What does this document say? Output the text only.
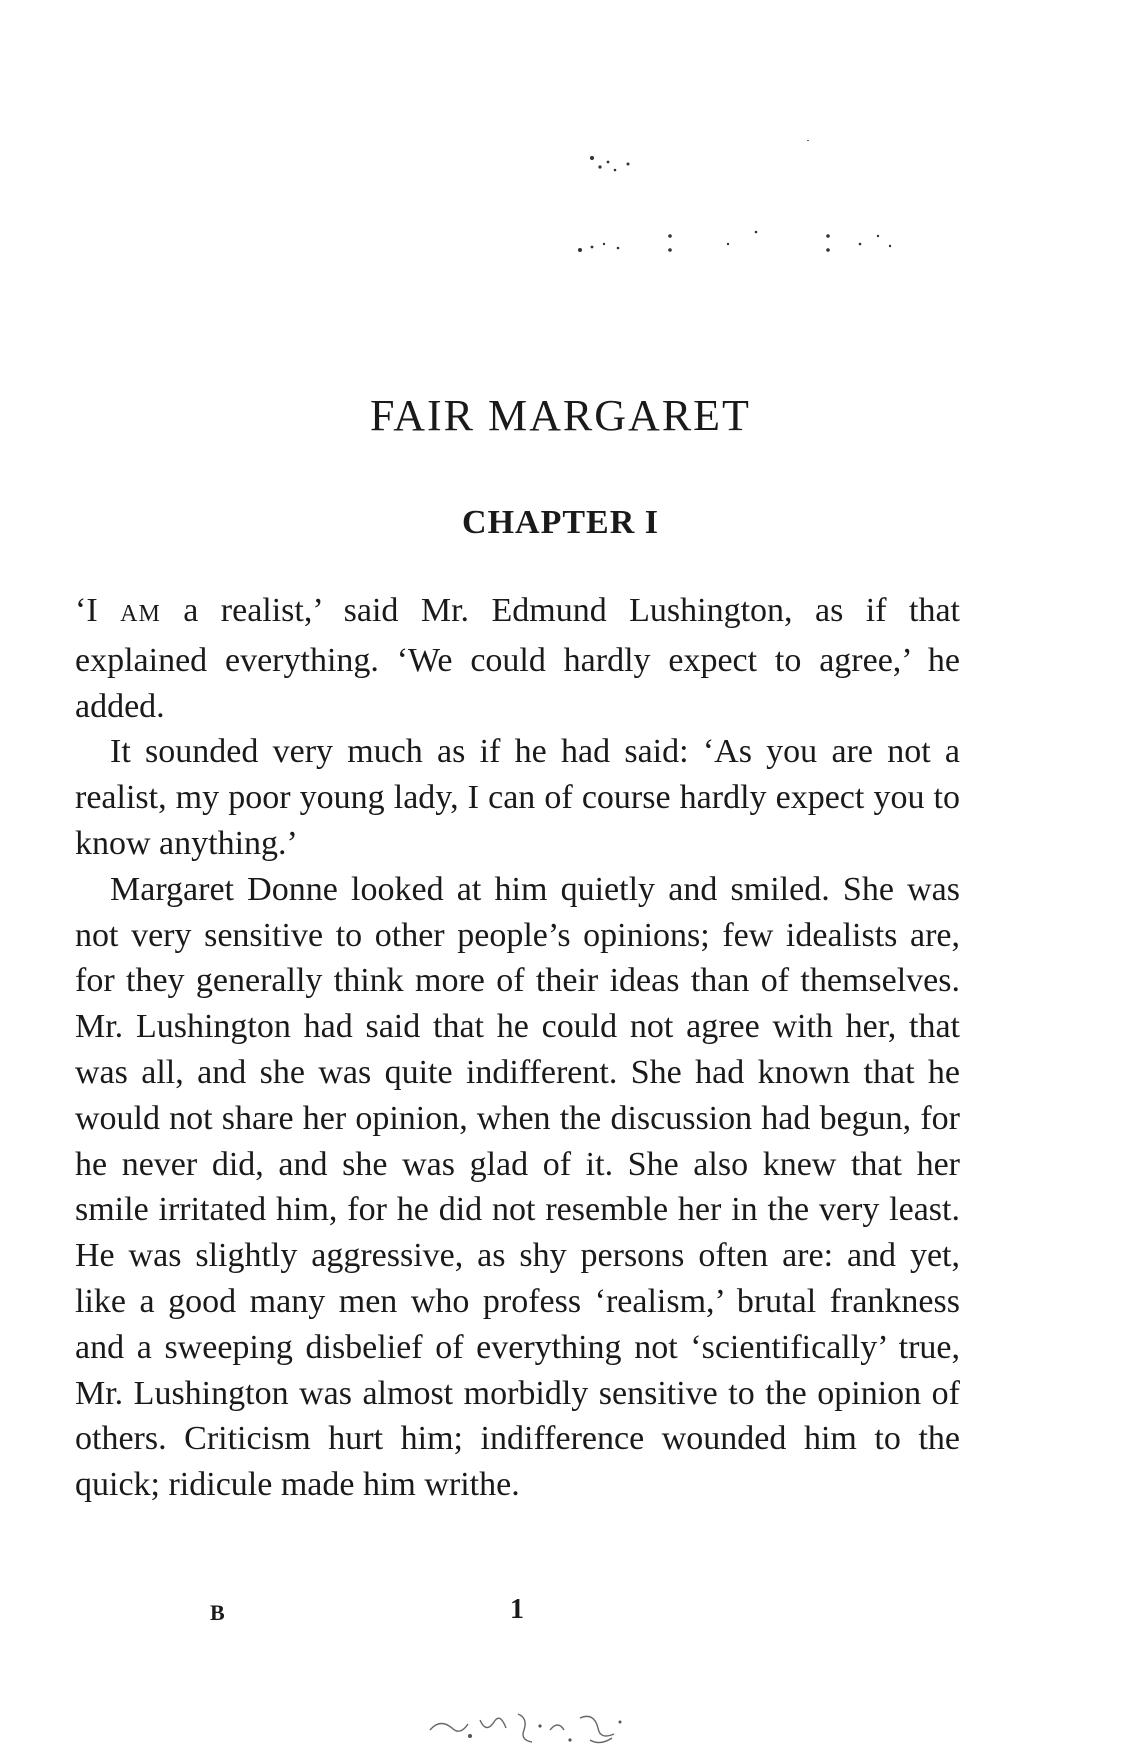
FAIR MARGARET
CHAPTER I

‘I AM a realist,’ said Mr. Edmund Lushington, as if that explained everything. ‘We could hardly expect to agree,’ he added.

It sounded very much as if he had said: ‘As you are not a realist, my poor young lady, I can of course hardly expect you to know anything.’

Margaret Donne looked at him quietly and smiled. She was not very sensitive to other people’s opinions; few idealists are, for they generally think more of their ideas than of themselves. Mr. Lushington had said that he could not agree with her, that was all, and she was quite indifferent. She had known that he would not share her opinion, when the discussion had begun, for he never did, and she was glad of it. She also knew that her smile irritated him, for he did not resemble her in the very least. He was slightly aggressive, as shy persons often are: and yet, like a good many men who profess ‘realism,’ brutal frankness and a sweeping disbelief of everything not ‘scientifically’ true, Mr. Lushington was almost morbidly sensitive to the opinion of others. Criticism hurt him; indifference wounded him to the quick; ridicule made him writhe.

B	1
